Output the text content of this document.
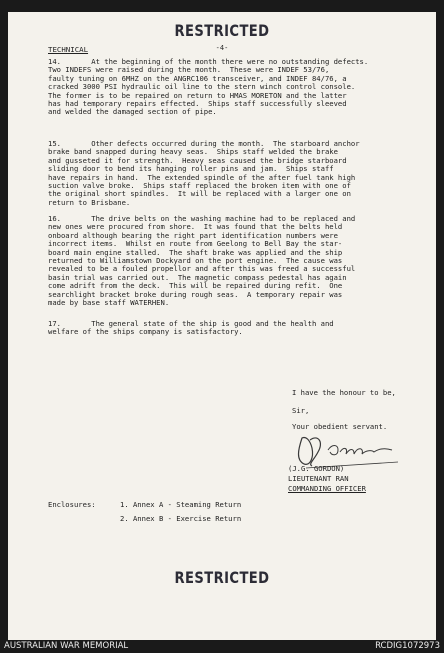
RESTRICTED
-4-
TECHNICAL
14.       At the beginning of the month there were no outstanding defects.
Two INDEFS were raised during the month.  These were INDEF 53/76,
faulty tuning on 6MHZ on the ANGRC106 transceiver, and INDEF 84/76, a
cracked 3000 PSI hydraulic oil line to the stern winch control console.
The former is to be repaired on return to HMAS MORETON and the latter
has had temporary repairs effected.  Ships staff successfully sleeved
and welded the damaged section of pipe.
15.       Other defects occurred during the month.  The starboard anchor
brake band snapped during heavy seas.  Ships staff welded the brake
and gusseted it for strength.  Heavy seas caused the bridge starboard
sliding door to bend its hanging roller pins and jam.  Ships staff
have repairs in hand.  The extended spindle of the after fuel tank high
suction valve broke.  Ships staff replaced the broken item with one of
the original short spindles.  It will be replaced with a larger one on
return to Brisbane.
16.       The drive belts on the washing machine had to be replaced and
new ones were procured from shore.  It was found that the belts held
onboard although bearing the right part identification numbers were
incorrect items.  Whilst en route from Geelong to Bell Bay the star-
board main engine stalled.  The shaft brake was applied and the ship
returned to Williamstown Dockyard on the port engine.  The cause was
revealed to be a fouled propellor and after this was freed a successful
basin trial was carried out.  The magnetic compass pedestal has again
come adrift from the deck.  This will be repaired during refit.  One
searchlight bracket broke during rough seas.  A temporary repair was
made by base staff WATERHEN.
17.       The general state of the ship is good and the health and
welfare of the ships company is satisfactory.
I have the honour to be,
Sir,
Your obedient servant.
(J.G. GORDON)
LIEUTENANT RAN
COMMANDING OFFICER
Enclosures:	1. Annex A - Steaming Return
2. Annex B - Exercise Return
RESTRICTED
AUSTRALIAN WAR MEMORIAL	RCDIG1072973
